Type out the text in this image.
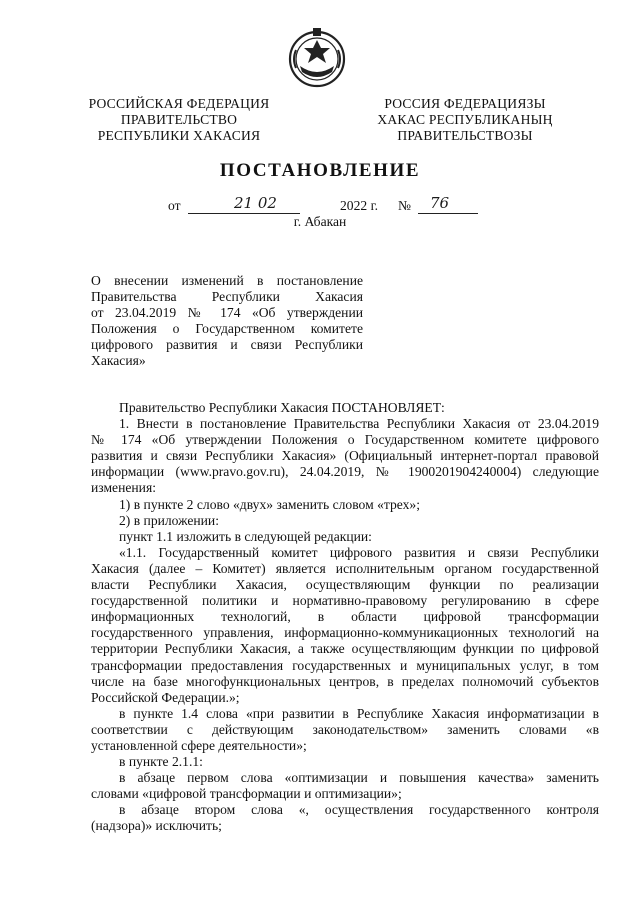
РОССИЙСКАЯ ФЕДЕРАЦИЯ
ПРАВИТЕЛЬСТВО
РЕСПУБЛИКИ ХАКАСИЯ
РОССИЯ ФЕДЕРАЦИЯЗЫ
ХАКАС РЕСПУБЛИКАНЫҢ
ПРАВИТЕЛЬСТВОЗЫ
ПОСТАНОВЛЕНИЕ
от	21 02	2022 г. № 76
г. Абакан
О внесении изменений в постановление
Правительства Республики Хакасия
от 23.04.2019 № 174 «Об утверждении
Положения о Государственном комитете
цифрового развития и связи Республики
Хакасия»
Правительство Республики Хакасия ПОСТАНОВЛЯЕТ:
1. Внести в постановление Правительства Республики Хакасия от 23.04.2019
№ 174 «Об утверждении Положения о Государственном комитете цифрового
развития и связи Республики Хакасия» (Официальный интернет-портал правовой
информации (www.pravo.gov.ru), 24.04.2019, № 1900201904240004) следующие
изменения:
1) в пункте 2 слово «двух» заменить словом «трех»;
2) в приложении:
пункт 1.1 изложить в следующей редакции:
«1.1. Государственный комитет цифрового развития и связи Республики
Хакасия (далее – Комитет) является исполнительным органом государственной
власти Республики Хакасия, осуществляющим функции по реализации
государственной политики и нормативно-правовому регулированию в сфере
информационных технологий, в области цифровой трансформации
государственного управления, информационно-коммуникационных технологий на
территории Республики Хакасия, а также осуществляющим функции по цифровой
трансформации предоставления государственных и муниципальных услуг, в том
числе на базе многофункциональных центров, в пределах полномочий субъектов
Российской Федерации.»;
в пункте 1.4 слова «при развитии в Республике Хакасия информатизации в
соответствии с действующим законодательством» заменить словами «в
установленной сфере деятельности»;
в пункте 2.1.1:
в абзаце первом слова «оптимизации и повышения качества» заменить
словами «цифровой трансформации и оптимизации»;
в абзаце втором слова «, осуществления государственного контроля
(надзора)» исключить;
